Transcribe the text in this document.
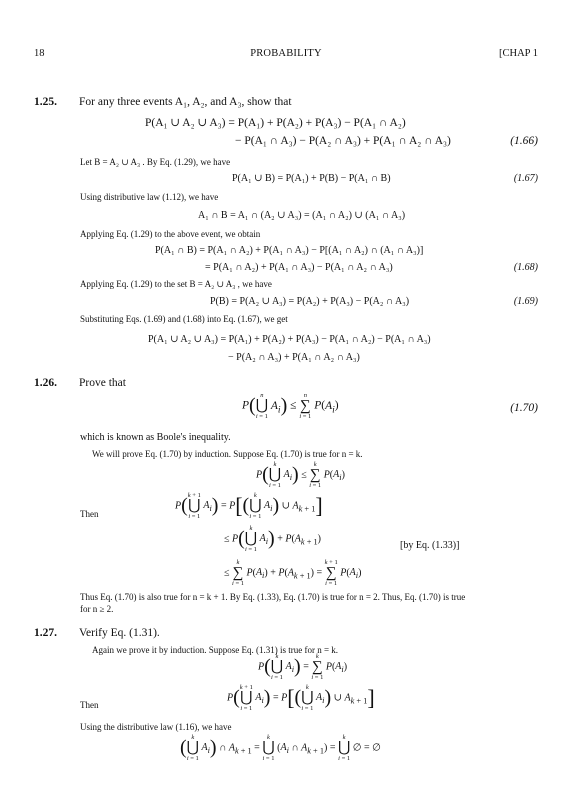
18	PROBABILITY	[CHAP 1
1.25. For any three events A₁, A₂, and A₃, show that
P(A₁ ∪ A₂ ∪ A₃) = P(A₁) + P(A₂) + P(A₃) − P(A₁ ∩ A₂)
− P(A₁ ∩ A₃) − P(A₂ ∩ A₃) + P(A₁ ∩ A₂ ∩ A₃)	(1.66)
Let B = A₂ ∪ A₃ . By Eq. (1.29), we have
P(A₁ ∪ B) = P(A₁) + P(B) − P(A₁ ∩ B)	(1.67)
Using distributive law (1.12), we have
A₁ ∩ B = A₁ ∩ (A₂ ∪ A₃) = (A₁ ∩ A₂) ∪ (A₁ ∩ A₃)
Applying Eq. (1.29) to the above event, we obtain
P(A₁ ∩ B) = P(A₁ ∩ A₂) + P(A₁ ∩ A₃) − P[(A₁ ∩ A₂) ∩ (A₁ ∩ A₃)]
= P(A₁ ∩ A₂) + P(A₁ ∩ A₃) − P(A₁ ∩ A₂ ∩ A₃)	(1.68)
Applying Eq. (1.29) to the set B = A₂ ∪ A₃ , we have
P(B) = P(A₂ ∪ A₃) = P(A₂) + P(A₃) − P(A₂ ∩ A₃)	(1.69)
Substituting Eqs. (1.69) and (1.68) into Eq. (1.67), we get
P(A₁ ∪ A₂ ∪ A₃) = P(A₁) + P(A₂) + P(A₃) − P(A₁ ∩ A₂) − P(A₁ ∩ A₃)
− P(A₂ ∩ A₃) + P(A₁ ∩ A₂ ∩ A₃)
1.26. Prove that
P( n
⋃
i = 1
$A_i$) ≤
n
∑
i = 1
$P(A_i)$	(1.70)
which is known as Boole's inequality.
We will prove Eq. (1.70) by induction. Suppose Eq. (1.70) is true for n = k.
P( k
⋃
i = 1
$A_i$) ≤
k
∑
i = 1
$P(A_i)$
Then
P( k + 1
⋃
i = 1
$A_i) = P$[( k
⋃
i = 1
$A_i$) ∪ $A_{k + 1}$]
≤ P( k
⋃
i = 1
$A_i) + P(A_{k + 1})$
[by Eq. (1.33)]
≤
k
∑
i = 1
$P(A_i) + P(A_{k + 1})$ =
k + 1
∑
i = 1
$P(A_i)$
Thus Eq. (1.70) is also true for n = k + 1. By Eq. (1.33), Eq. (1.70) is true for n = 2. Thus, Eq. (1.70) is true
for n ≥ 2.
1.27. Verify Eq. (1.31).
Again we prove it by induction. Suppose Eq. (1.31) is true for n = k.
P( k
⋃
i = 1
$A_i$) =
k
∑
i = 1
$P(A_i)$
Then
P( k + 1
⋃
i = 1
$A_i) = P$[( k
⋃
i = 1
$A_i$) ∪ $A_{k + 1}$]
Using the distributive law (1.16), we have
( k
⋃
i = 1
$A_i$) ∩ $A_{k + 1}$ =
k
⋃
i = 1
($A_i$ ∩ $A_{k + 1}$) =
k
⋃
i = 1
∅ = ∅
